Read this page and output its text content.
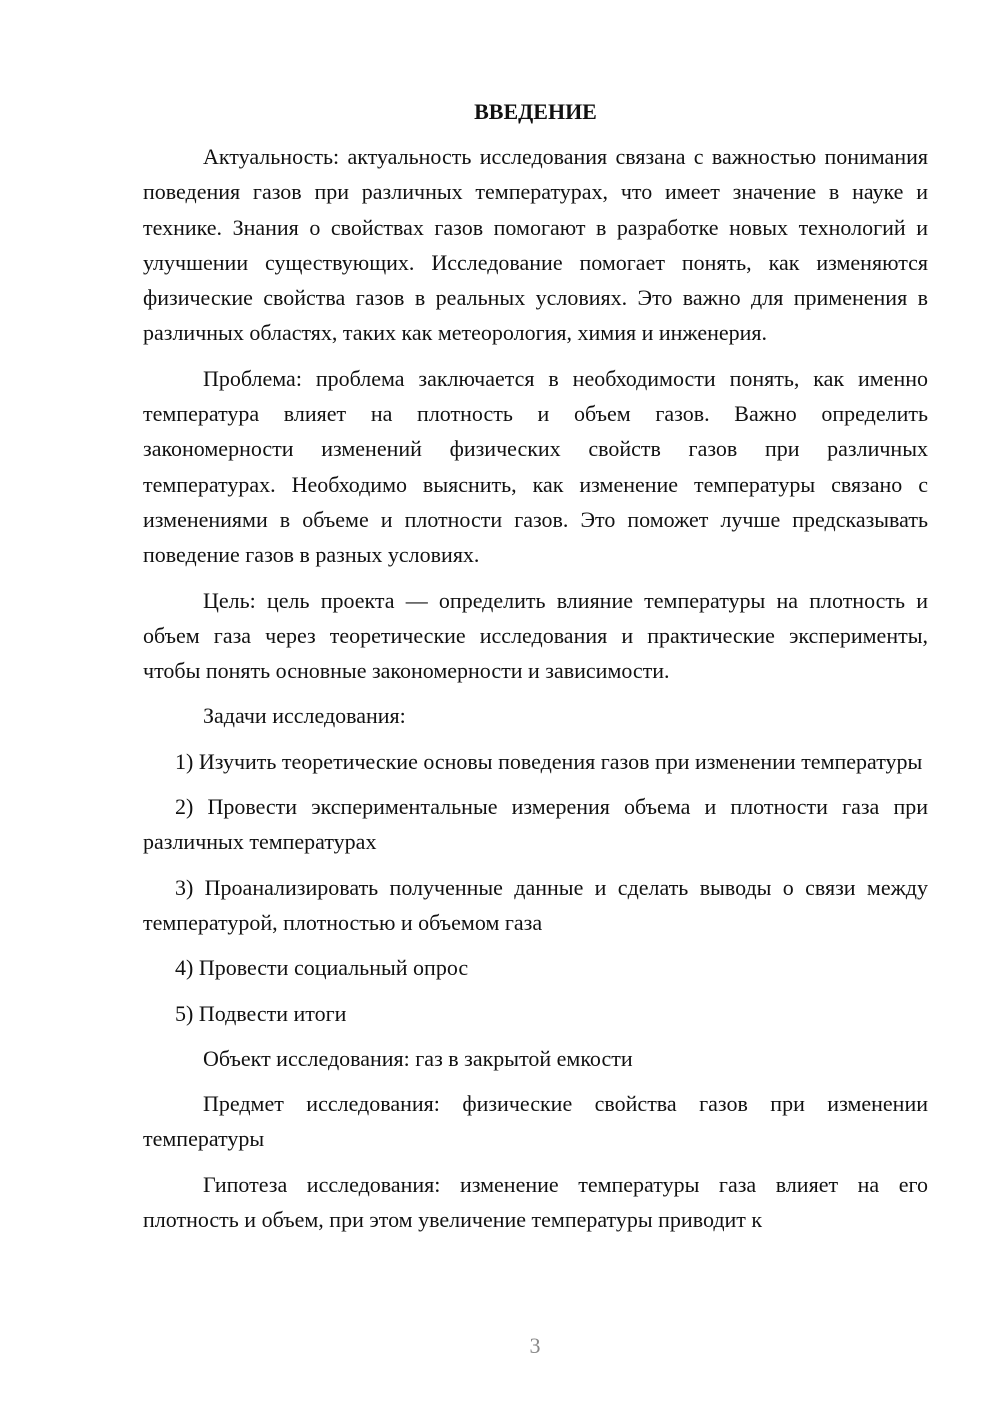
ВВЕДЕНИЕ

Актуальность: актуальность исследования связана с важностью понимания поведения газов при различных температурах, что имеет значение в науке и технике. Знания о свойствах газов помогают в разработке новых технологий и улучшении существующих. Исследование помогает понять, как изменяются физические свойства газов в реальных условиях. Это важно для применения в различных областях, таких как метеорология, химия и инженерия.

Проблема: проблема заключается в необходимости понять, как именно температура влияет на плотность и объем газов. Важно определить закономерности изменений физических свойств газов при различных температурах. Необходимо выяснить, как изменение температуры связано с изменениями в объеме и плотности газов. Это поможет лучше предсказывать поведение газов в разных условиях.

Цель: цель проекта — определить влияние температуры на плотность и объем газа через теоретические исследования и практические эксперименты, чтобы понять основные закономерности и зависимости.

Задачи исследования:

1) Изучить теоретические основы поведения газов при изменении температуры

2) Провести экспериментальные измерения объема и плотности газа при различных температурах

3) Проанализировать полученные данные и сделать выводы о связи между температурой, плотностью и объемом газа

4) Провести социальный опрос

5) Подвести итоги

Объект исследования: газ в закрытой емкости

Предмет исследования: физические свойства газов при изменении температуры

Гипотеза исследования: изменение температуры газа влияет на его плотность и объем, при этом увеличение температуры приводит к

3
